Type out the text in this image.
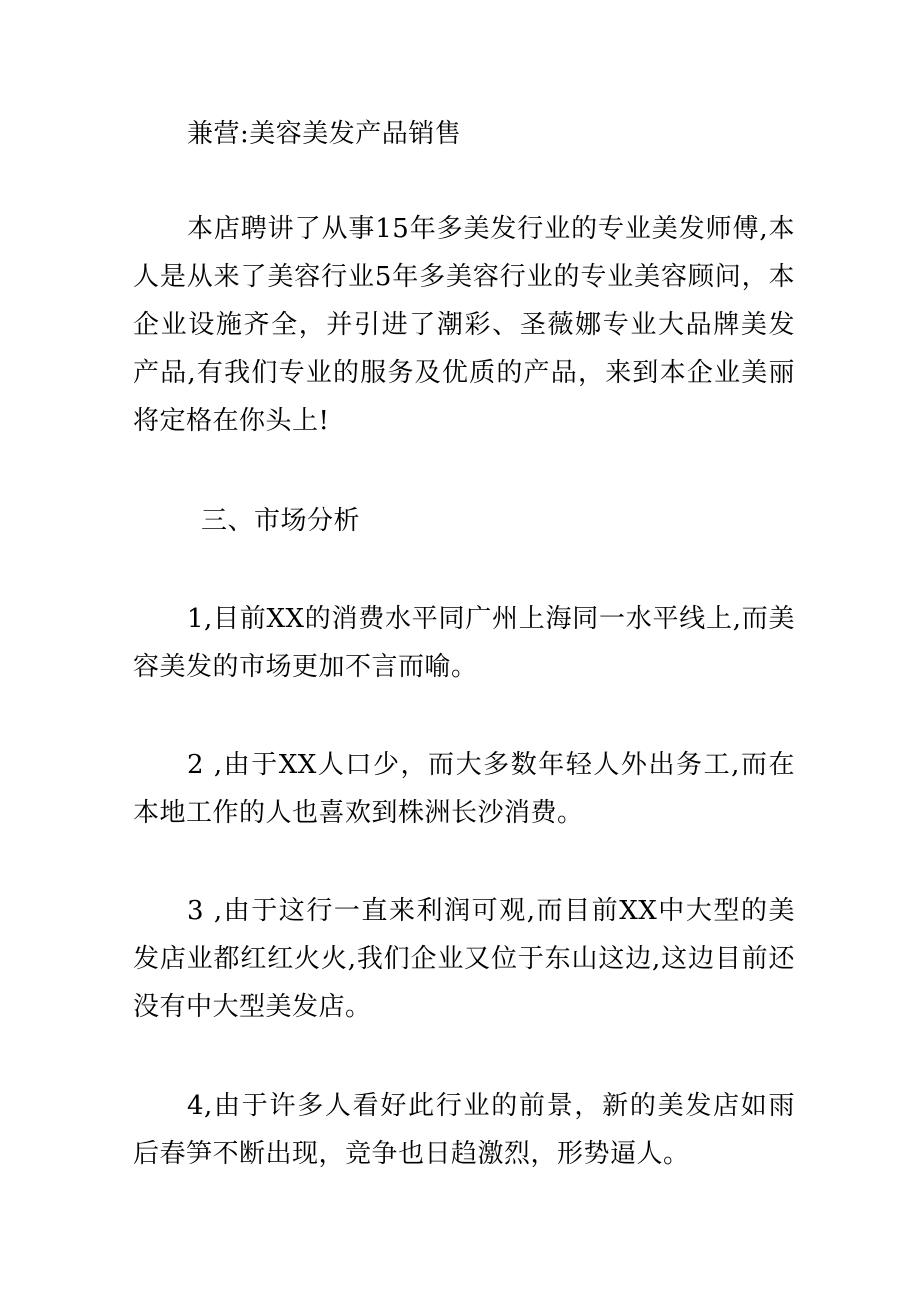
兼营:美容美发产品销售

本店聘讲了从事15年多美发行业的专业美发师傅,本人是从来了美容行业5年多美容行业的专业美容顾问，本企业设施齐全，并引进了潮彩、圣薇娜专业大品牌美发产品,有我们专业的服务及优质的产品，来到本企业美丽将定格在你头上!

三、市场分析

1,目前XX的消费水平同广州上海同一水平线上,而美容美发的市场更加不言而喻。

2 ,由于XX人口少，而大多数年轻人外出务工,而在本地工作的人也喜欢到株洲长沙消费。

3 ,由于这行一直来利润可观,而目前XX中大型的美发店业都红红火火,我们企业又位于东山这边,这边目前还没有中大型美发店。

4,由于许多人看好此行业的前景，新的美发店如雨后春笋不断出现，竞争也日趋激烈，形势逼人。
